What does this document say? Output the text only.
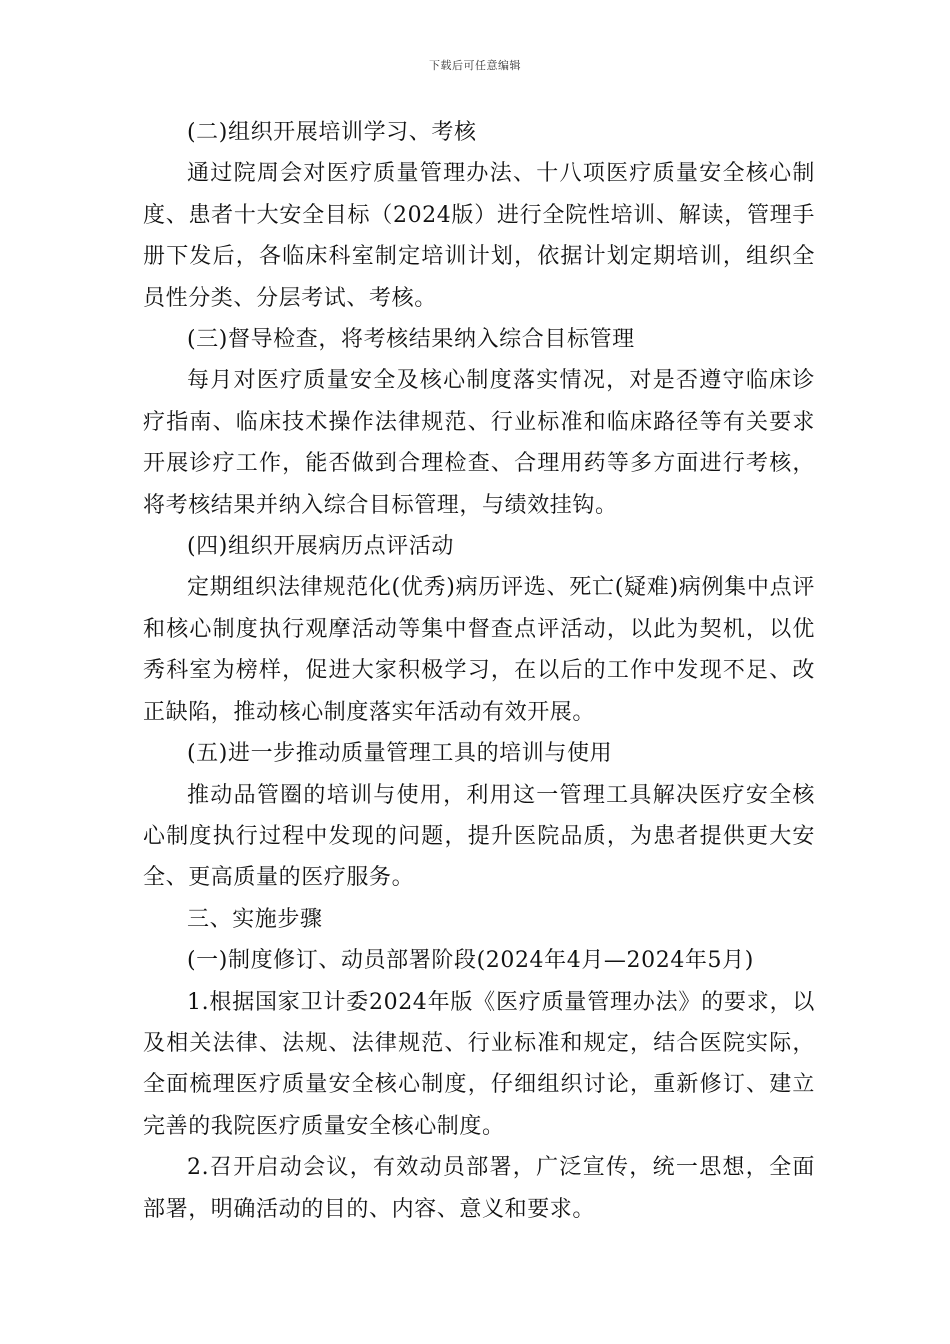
下载后可任意编辑

(二)组织开展培训学习、考核

通过院周会对医疗质量管理办法、十八项医疗质量安全核心制度、患者十大安全目标（2024版）进行全院性培训、解读，管理手册下发后，各临床科室制定培训计划，依据计划定期培训，组织全员性分类、分层考试、考核。

(三)督导检查，将考核结果纳入综合目标管理

每月对医疗质量安全及核心制度落实情况，对是否遵守临床诊疗指南、临床技术操作法律规范、行业标准和临床路径等有关要求开展诊疗工作，能否做到合理检查、合理用药等多方面进行考核，将考核结果并纳入综合目标管理，与绩效挂钩。

(四)组织开展病历点评活动

定期组织法律规范化(优秀)病历评选、死亡(疑难)病例集中点评和核心制度执行观摩活动等集中督查点评活动，以此为契机，以优秀科室为榜样，促进大家积极学习，在以后的工作中发现不足、改正缺陷，推动核心制度落实年活动有效开展。

(五)进一步推动质量管理工具的培训与使用

推动品管圈的培训与使用，利用这一管理工具解决医疗安全核心制度执行过程中发现的问题，提升医院品质，为患者提供更大安全、更高质量的医疗服务。

三、实施步骤

(一)制度修订、动员部署阶段(2024年4月—2024年5月)

1.根据国家卫计委2024年版《医疗质量管理办法》的要求，以及相关法律、法规、法律规范、行业标准和规定，结合医院实际，全面梳理医疗质量安全核心制度，仔细组织讨论，重新修订、建立完善的我院医疗质量安全核心制度。

2.召开启动会议，有效动员部署，广泛宣传，统一思想，全面部署，明确活动的目的、内容、意义和要求。
